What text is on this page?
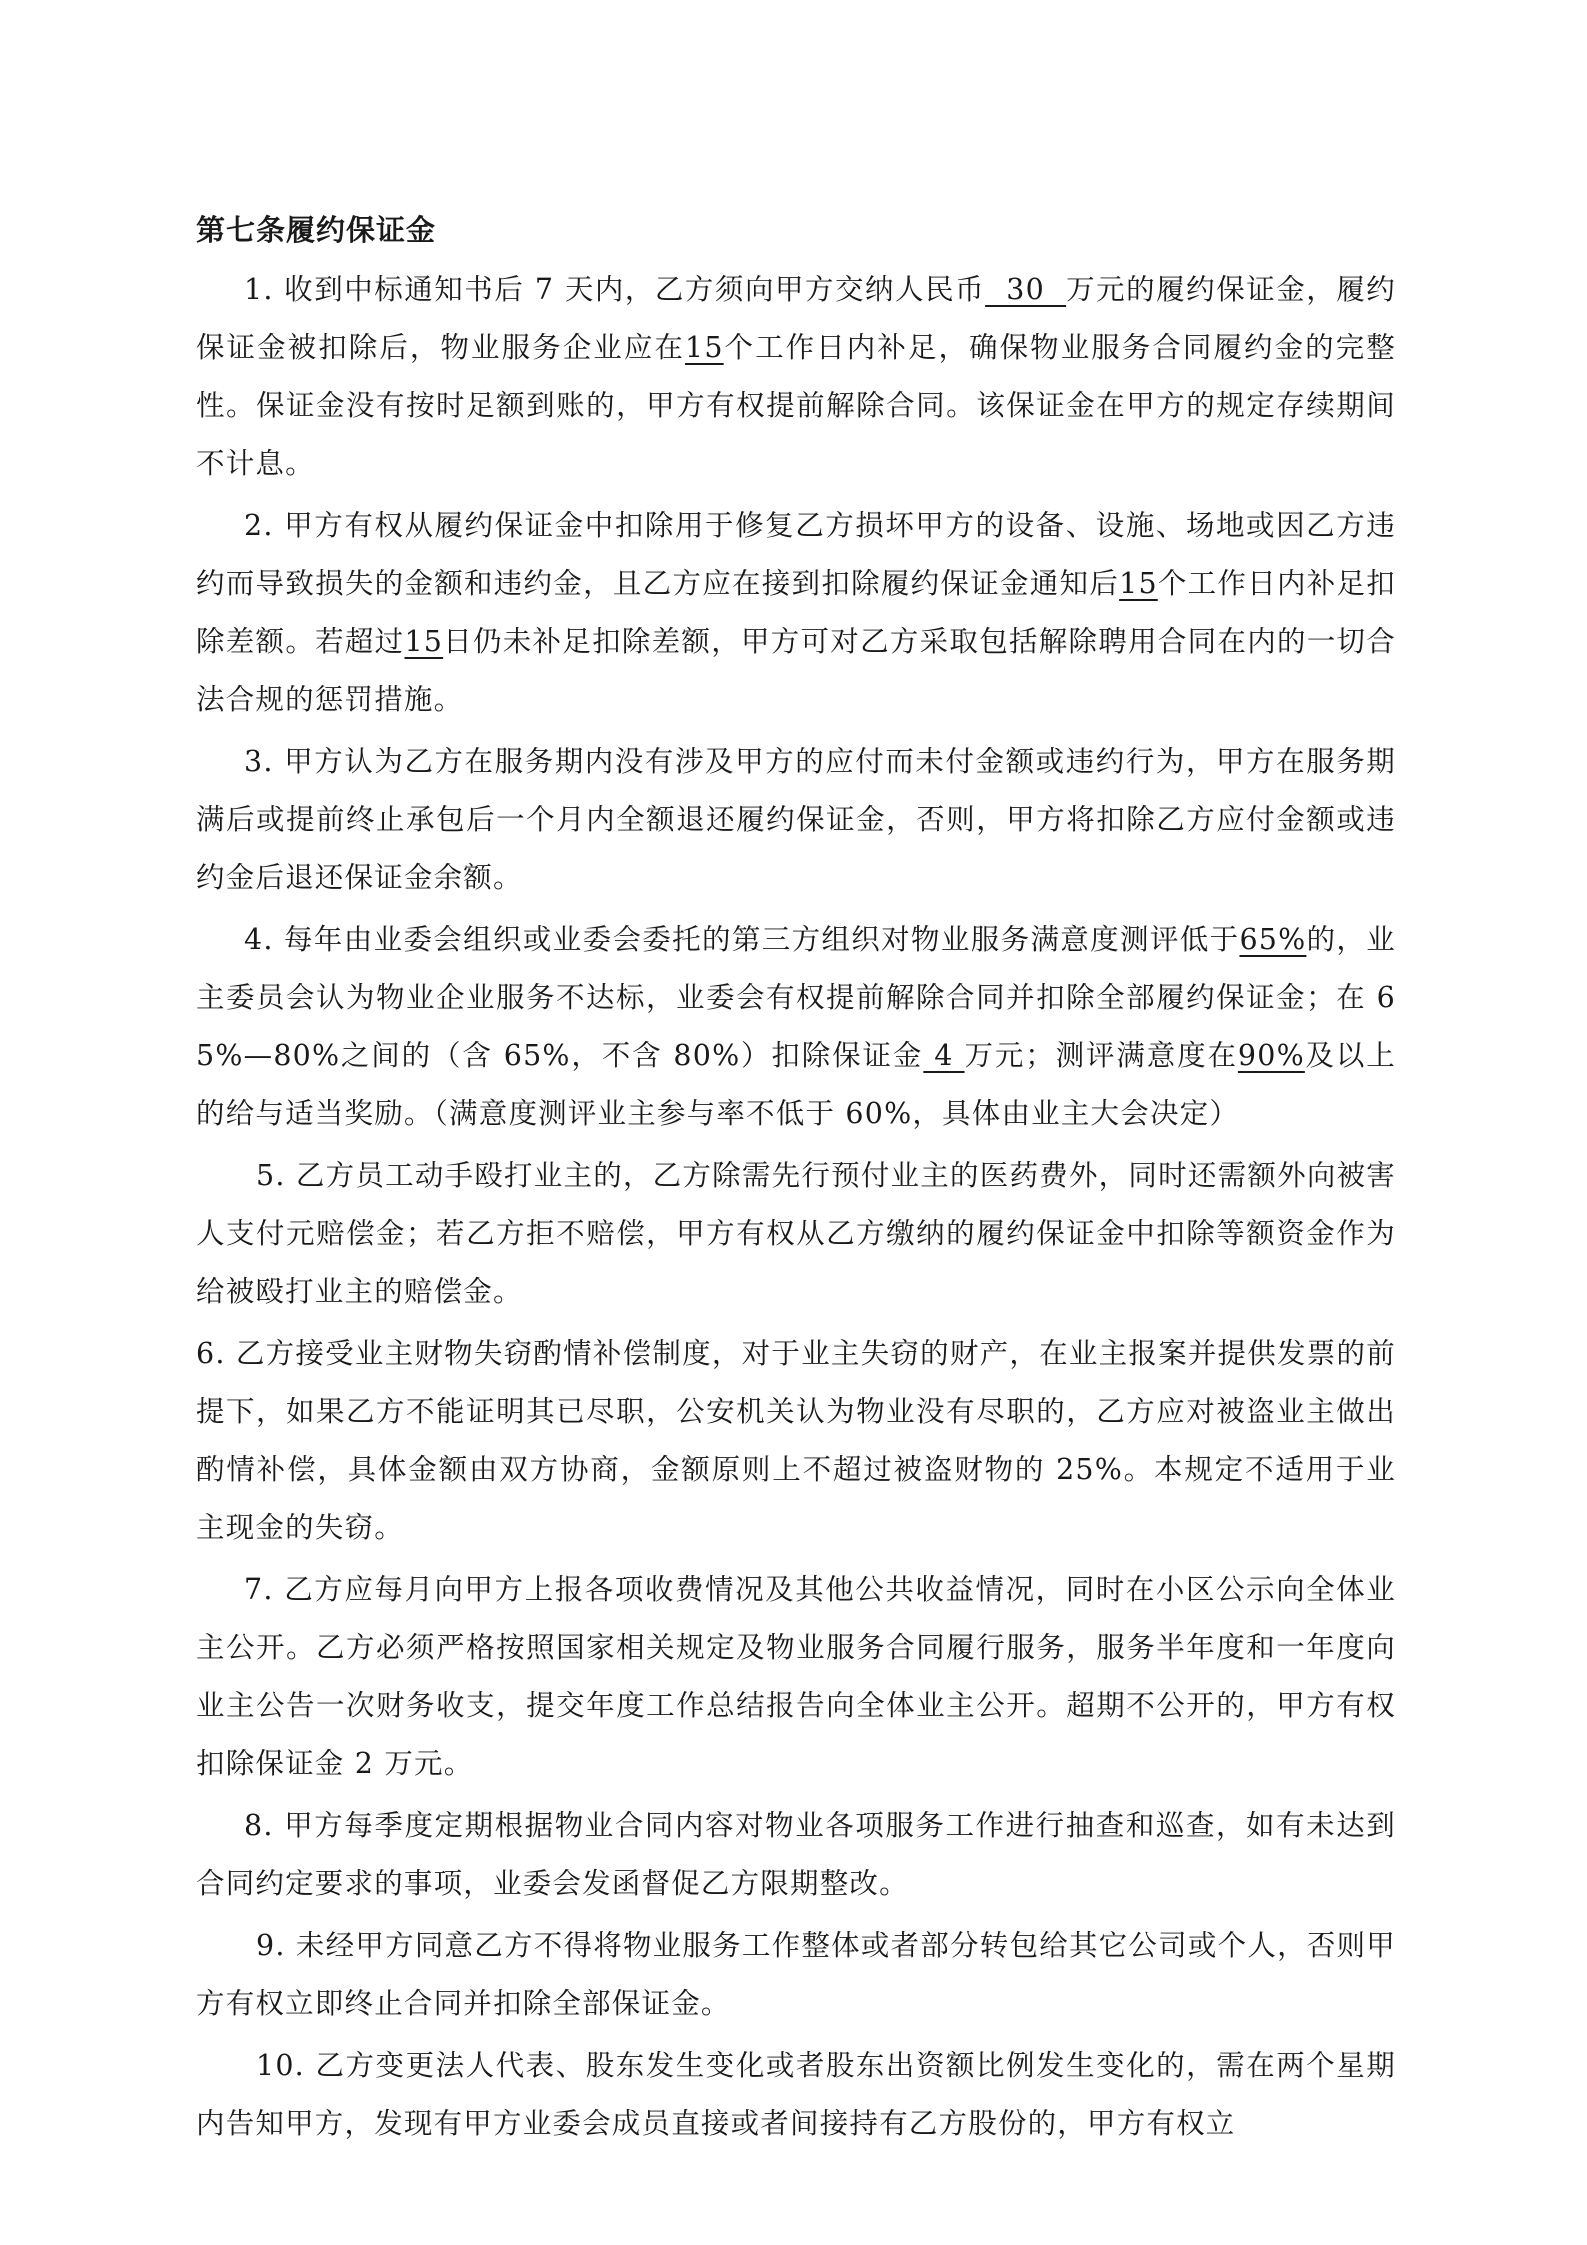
第七条履约保证金

1. 收到中标通知书后 7 天内，乙方须向甲方交纳人民币  30  万元的履约保证金，履约保证金被扣除后，物业服务企业应在15个工作日内补足，确保物业服务合同履约金的完整性。保证金没有按时足额到账的，甲方有权提前解除合同。该保证金在甲方的规定存续期间不计息。

2. 甲方有权从履约保证金中扣除用于修复乙方损坏甲方的设备、设施、场地或因乙方违约而导致损失的金额和违约金，且乙方应在接到扣除履约保证金通知后15个工作日内补足扣除差额。若超过15日仍未补足扣除差额，甲方可对乙方采取包括解除聘用合同在内的一切合法合规的惩罚措施。

3. 甲方认为乙方在服务期内没有涉及甲方的应付而未付金额或违约行为，甲方在服务期满后或提前终止承包后一个月内全额退还履约保证金，否则，甲方将扣除乙方应付金额或违约金后退还保证金余额。

4. 每年由业委会组织或业委会委托的第三方组织对物业服务满意度测评低于65%的，业主委员会认为物业企业服务不达标，业委会有权提前解除合同并扣除全部履约保证金；在 65%—80%之间的（含 65%，不含 80%）扣除保证金 4 万元；测评满意度在90%及以上的给与适当奖励。（满意度测评业主参与率不低于 60%，具体由业主大会决定）

5. 乙方员工动手殴打业主的，乙方除需先行预付业主的医药费外，同时还需额外向被害人支付元赔偿金；若乙方拒不赔偿，甲方有权从乙方缴纳的履约保证金中扣除等额资金作为给被殴打业主的赔偿金。

6. 乙方接受业主财物失窃酌情补偿制度，对于业主失窃的财产，在业主报案并提供发票的前提下，如果乙方不能证明其已尽职，公安机关认为物业没有尽职的，乙方应对被盗业主做出酌情补偿，具体金额由双方协商，金额原则上不超过被盗财物的 25%。本规定不适用于业主现金的失窃。

7. 乙方应每月向甲方上报各项收费情况及其他公共收益情况，同时在小区公示向全体业主公开。乙方必须严格按照国家相关规定及物业服务合同履行服务，服务半年度和一年度向业主公告一次财务收支，提交年度工作总结报告向全体业主公开。超期不公开的，甲方有权扣除保证金 2 万元。

8. 甲方每季度定期根据物业合同内容对物业各项服务工作进行抽查和巡查，如有未达到合同约定要求的事项，业委会发函督促乙方限期整改。

9. 未经甲方同意乙方不得将物业服务工作整体或者部分转包给其它公司或个人，否则甲方有权立即终止合同并扣除全部保证金。

10. 乙方变更法人代表、股东发生变化或者股东出资额比例发生变化的，需在两个星期内告知甲方，发现有甲方业委会成员直接或者间接持有乙方股份的，甲方有权立
